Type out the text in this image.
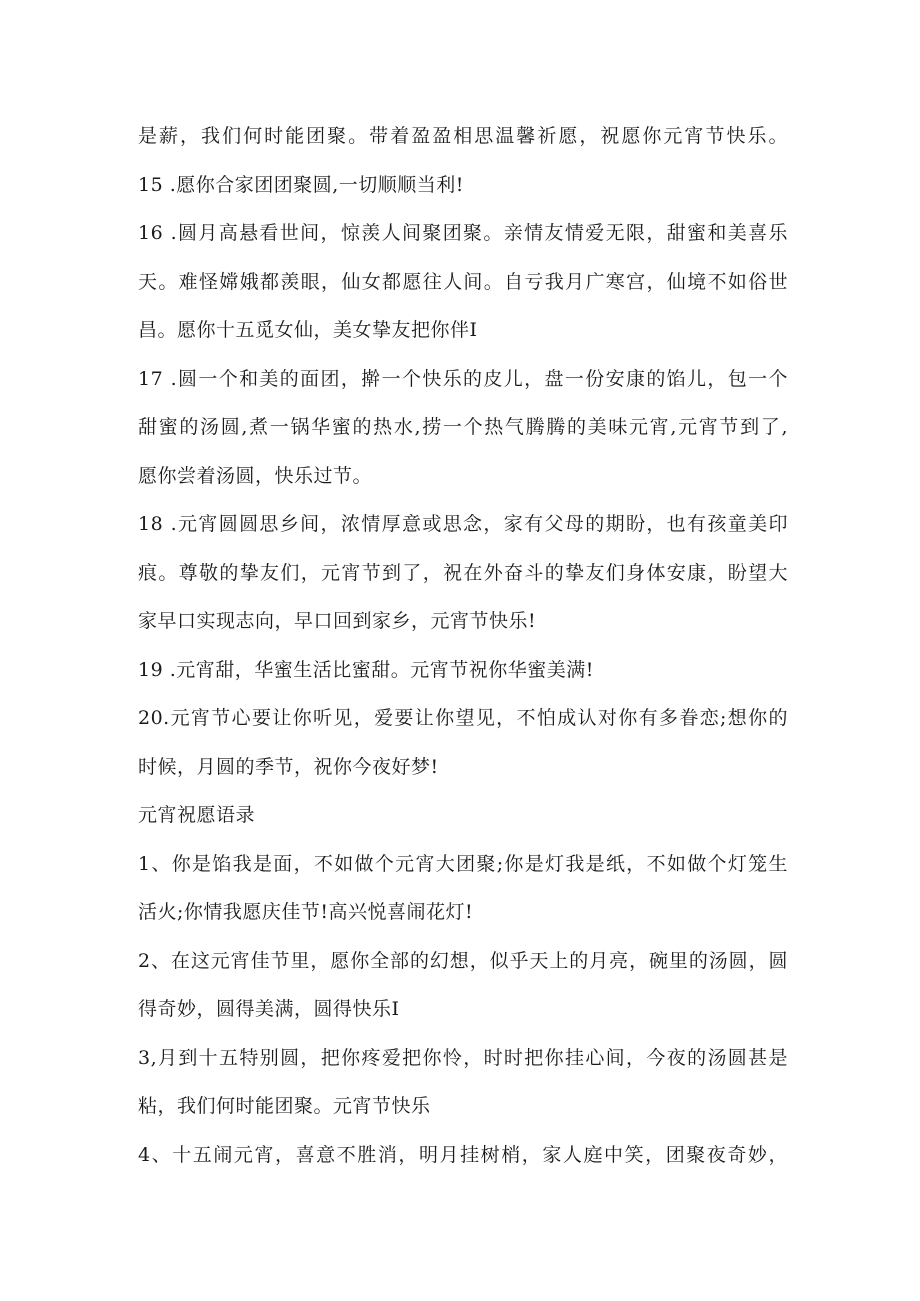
是薪，我们何时能团聚。带着盈盈相思温馨祈愿，祝愿你元宵节快乐。
15 .愿你合家团团聚圆,一切顺顺当利!
16 .圆月高悬看世间，惊羡人间聚团聚。亲情友情爱无限，甜蜜和美喜乐
天。难怪嫦娥都羡眼，仙女都愿往人间。自亏我月广寒宫，仙境不如俗世
昌。愿你十五觅女仙，美女挚友把你伴I
17 .圆一个和美的面团，擀一个快乐的皮儿，盘一份安康的馅儿，包一个
甜蜜的汤圆,煮一锅华蜜的热水,捞一个热气腾腾的美味元宵,元宵节到了,
愿你尝着汤圆，快乐过节。
18 .元宵圆圆思乡间，浓情厚意或思念，家有父母的期盼，也有孩童美印
痕。尊敬的挚友们，元宵节到了，祝在外奋斗的挚友们身体安康，盼望大
家早口实现志向，早口回到家乡，元宵节快乐!
19 .元宵甜，华蜜生活比蜜甜。元宵节祝你华蜜美满!
20.元宵节心要让你听见，爱要让你望见，不怕成认对你有多眷恋;想你的
时候，月圆的季节，祝你今夜好梦!
元宵祝愿语录
1、你是馅我是面，不如做个元宵大团聚;你是灯我是纸，不如做个灯笼生
活火;你情我愿庆佳节!高兴悦喜闹花灯!
2、在这元宵佳节里，愿你全部的幻想，似乎天上的月亮，碗里的汤圆，圆
得奇妙，圆得美满，圆得快乐I
3,月到十五特别圆，把你疼爱把你怜，时时把你挂心间，今夜的汤圆甚是
粘，我们何时能团聚。元宵节快乐
4、十五闹元宵，喜意不胜消，明月挂树梢，家人庭中笑，团聚夜奇妙，
